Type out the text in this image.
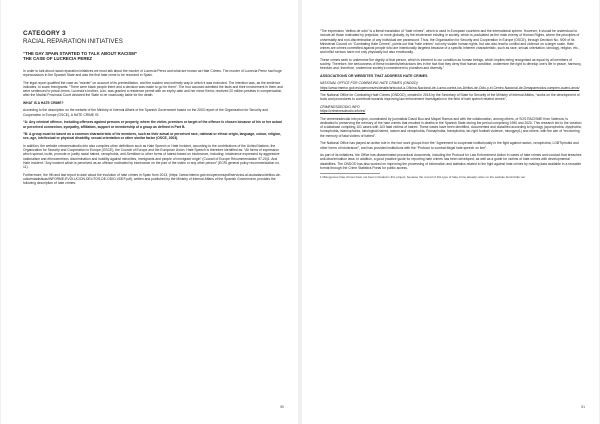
CATEGORY 3
RACIAL REPARATION INITIATIVES
“THE DAY SPAIN STARTED TO TALK ABOUT RACISM”
THE CASE OF LUCRECIA PEREZ

In order to talk about racial reparation initiatives we must talk about the murder of Lucrecia Perez and what are known as Hate Crimes. The murder of Lucrecia Perez had huge repercussions in the Spanish State and was the first hate crime to be recorded in Spain.

The legal report qualified the case as “murder” on account of its premeditation, and the sudden and untimely way in which it was executed. The intention was, as the sentence indicates, to scare immigrants: “There were black people there and a decision was made to go for them”. The four accused admitted the facts and their involvement in them and were sentenced to prison terms. Lucrecia’s brother, Luis, was granted a residence permit with an expiry date and her niece Kenia, received 20 million pesetas in compensation, after the Madrid Provincial Court declared the State to be vicariously liable for the death.

WHAT IS A HATE CRIME?

According to the description on the website of the Ministry of Internal Affairs of the Spanish Government based on the 2003 report of the Organization for Security and Cooperation in Europe (OSCE), A HATE CRIME IS:

“A: Any criminal offence, including offences against persons or property, where the victim, premises or target of the offence is chosen because of his or her actual or perceived connection, sympathy, affiliation, support or membership of a group as defined in Part B.

“B: A group must be based on a common characteristic of its members, such as their actual or perceived race, national or ethnic origin, language, colour, religion, sex, age, intellectual or physical disability, sexual orientation or other similar factor (OSCE, 2003).

In addition, the website crimenesdeodio.info also compiles other definitions such as Hate Speech or Hate Incident, according to the contributions of the United Nations, the Organization for Security and Cooperation in Europe (OSCE), the Council of Europe and the European Union. Hate Speech is therefore identified as: “All forms of expression which spread, incite, promote or justify racial hatred, xenophobia, anti-Semitism or other forms of hatred based on intolerance, including: intolerance expressed by aggressive nationalism and ethnocentrism, discrimination and hostility against minorities, immigrants and people of immigrant origin” (Council of Europe Recommendation 97-20)1. And Hate Incident: “Any incident which is perceived as an offence motivated by intolerance on the part of the victim or any other person” (ECRI general policy recommendation no. 11).

Furthermore, the 9th and last report to date about the evolution of hate crimes in Spain from 2013, (https: //www.interior.gob.es/opencms/pdf/servicios-al-ciudadano/delitos-de-odio/estadisticas/INFORME-EVOLUCION-DELITOS-DE-ODIO-VDEF.pdf), written and published by the Ministry of Internal Affairs of the Spanish Government, provides the following description of hate crimes:

50

“The expression “delitos de odio” is a literal translation of “hate crimes”, which is used in European countries and the international sphere. However, it should be understood to include all those motivated by prejudice, or more globally, by the intolerance existing in society, which is postulated as the main enemy of Human Rights, where the principles of universality and non-discrimination of any individual are paramount. Thus, the Organization for Security and Cooperation in Europe (OSCE), through Decision No. 9/09 of its Ministerial Council on “Combating Hate Crimes”, points out that “hate crimes” not only violate human rights, but can also lead to conflict and violence on a larger scale. Hate crimes are crimes committed against people who are intentionally targeted because of a specific inherent characteristic, such as race, sexual orientation, ideology, religion, etc., and inflict serious harm not only physically but also emotionally.

These crimes seek to undermine the dignity of that person, which is inherent to our condition as human beings, which implies being recognised as equal by all members of society. Therefore, the seriousness of these incidents/behaviours lies in the fact that they deny that human condition, undermine the right to develop one’s life in peace, harmony, freedom and, therefore, undermine society’s commitment to pluralism and diversity.”

ASSOCIATIONS OR WEBSITES THAT ADDRESS HATE CRIMES

NATIONAL OFFICE FOR COMBATING HATE CRIMES (ONDOD)

https://www.interior.gob.es/opencms/es/detalle/articulo/La-Oficina-Nacional-de-Lucha-contra-los-Delitos-de-Odio-y-el-Centro-Nacional-de-Desaparecidos-cumplen-cuatro-anos/

The National Office for Combating Hate Crimes (ONDOD), created in 2018 by the Secretary of State for Security of the Ministry of Internal Affairs, “works on the development of tools and procedures to contribute towards improving law enforcement investigation in the field of hate speech related crimes”.

CRIMENESDEODIO.INFO

https://crimenesdeodio.info/es/

The crimenesdeodio.info project, coordinated by journalists David Bou and Miquel Ramos and with the collaboration, among others, of SOS RACISME from Valencia, is dedicated to preserving the memory of the hate crimes that resulted in deaths in the Spanish State during the period comprising 1990 and 2020. This research led to the creation of a database compiling 101 cases with 103 fatal victims of hatred. These cases have been identified, documented and classified according to typology (aporophobia, dysphobia, homophobia, islamophobia, ideological hatred, racism and xenophobia, Romaphobia, transphobia, far-right football violence, misogyny1) and others, with the aim of “recovering the memory of fatal victims of hatred”.

The National Office has played an active role in the four work groups from the “Agreement to cooperate institutionally in the fight against racism, xenophobia, LGBTIphobia and other forms of intolerance”, and has provided institutions with the “Protocol to combat illegal hate speech on line”.

As part of its initiatives, the Office has disseminated procedural documents, including the Protocol for Law Enforcement Action in cases of hate crimes and conduct that breaches anti-discrimination laws. In addition, a good practice guide for reporting hate crimes has been developed, as well as a guide for victims of hate crimes with developmental disabilities. The ONDOD has also worked on improving the processing of information and statistics related to the fight against hate crimes by making data available in a reusable format through the Crime Statistics Portal for public access.

1 Misogynous hate crimes have not been included in this project, because the record of this type of hate crime already relies on the website feminicidio.net
51
